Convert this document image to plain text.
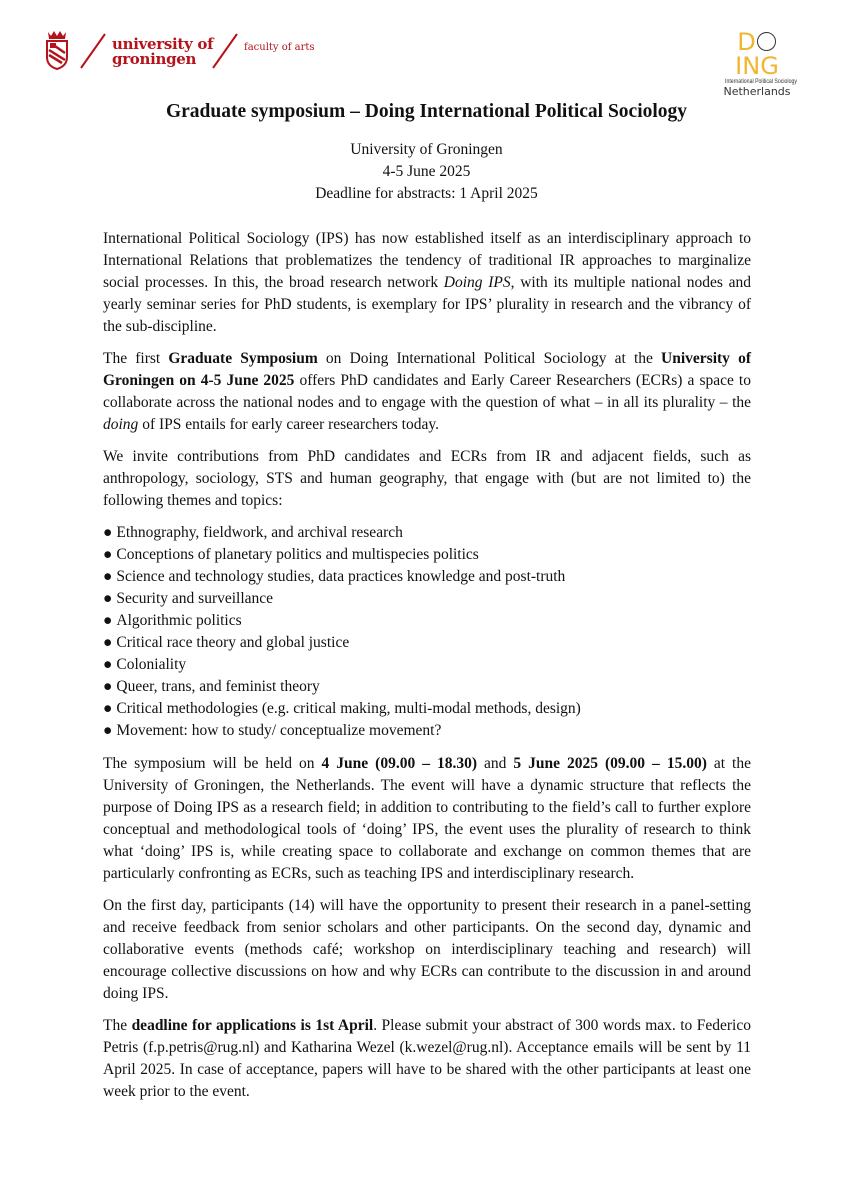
university of
groningen
faculty of arts	DING
International Political Sociology
Netherlands
Graduate symposium – Doing International Political Sociology
University of Groningen
4-5 June 2025
Deadline for abstracts: 1 April 2025

International Political Sociology (IPS) has now established itself as an interdisciplinary approach to International Relations that problematizes the tendency of traditional IR approaches to marginalize social processes. In this, the broad research network Doing IPS, with its multiple national nodes and yearly seminar series for PhD students, is exemplary for IPS’ plurality in research and the vibrancy of the sub-discipline.

The first Graduate Symposium on Doing International Political Sociology at the University of Groningen on 4-5 June 2025 offers PhD candidates and Early Career Researchers (ECRs) a space to collaborate across the national nodes and to engage with the question of what – in all its plurality – the doing of IPS entails for early career researchers today.

We invite contributions from PhD candidates and ECRs from IR and adjacent fields, such as anthropology, sociology, STS and human geography, that engage with (but are not limited to) the following themes and topics:

● Ethnography, fieldwork, and archival research
● Conceptions of planetary politics and multispecies politics
● Science and technology studies, data practices knowledge and post-truth
● Security and surveillance
● Algorithmic politics
● Critical race theory and global justice
● Coloniality
● Queer, trans, and feminist theory
● Critical methodologies (e.g. critical making, multi-modal methods, design)
● Movement: how to study/ conceptualize movement?

The symposium will be held on 4 June (09.00 – 18.30) and 5 June 2025 (09.00 – 15.00) at the University of Groningen, the Netherlands. The event will have a dynamic structure that reflects the purpose of Doing IPS as a research field; in addition to contributing to the field’s call to further explore conceptual and methodological tools of ‘doing’ IPS, the event uses the plurality of research to think what ‘doing’ IPS is, while creating space to collaborate and exchange on common themes that are particularly confronting as ECRs, such as teaching IPS and interdisciplinary research.

On the first day, participants (14) will have the opportunity to present their research in a panel-setting and receive feedback from senior scholars and other participants. On the second day, dynamic and collaborative events (methods café; workshop on interdisciplinary teaching and research) will encourage collective discussions on how and why ECRs can contribute to the discussion in and around doing IPS.

The deadline for applications is 1st April. Please submit your abstract of 300 words max. to Federico Petris (f.p.petris@rug.nl) and Katharina Wezel (k.wezel@rug.nl). Acceptance emails will be sent by 11 April 2025. In case of acceptance, papers will have to be shared with the other participants at least one week prior to the event.
